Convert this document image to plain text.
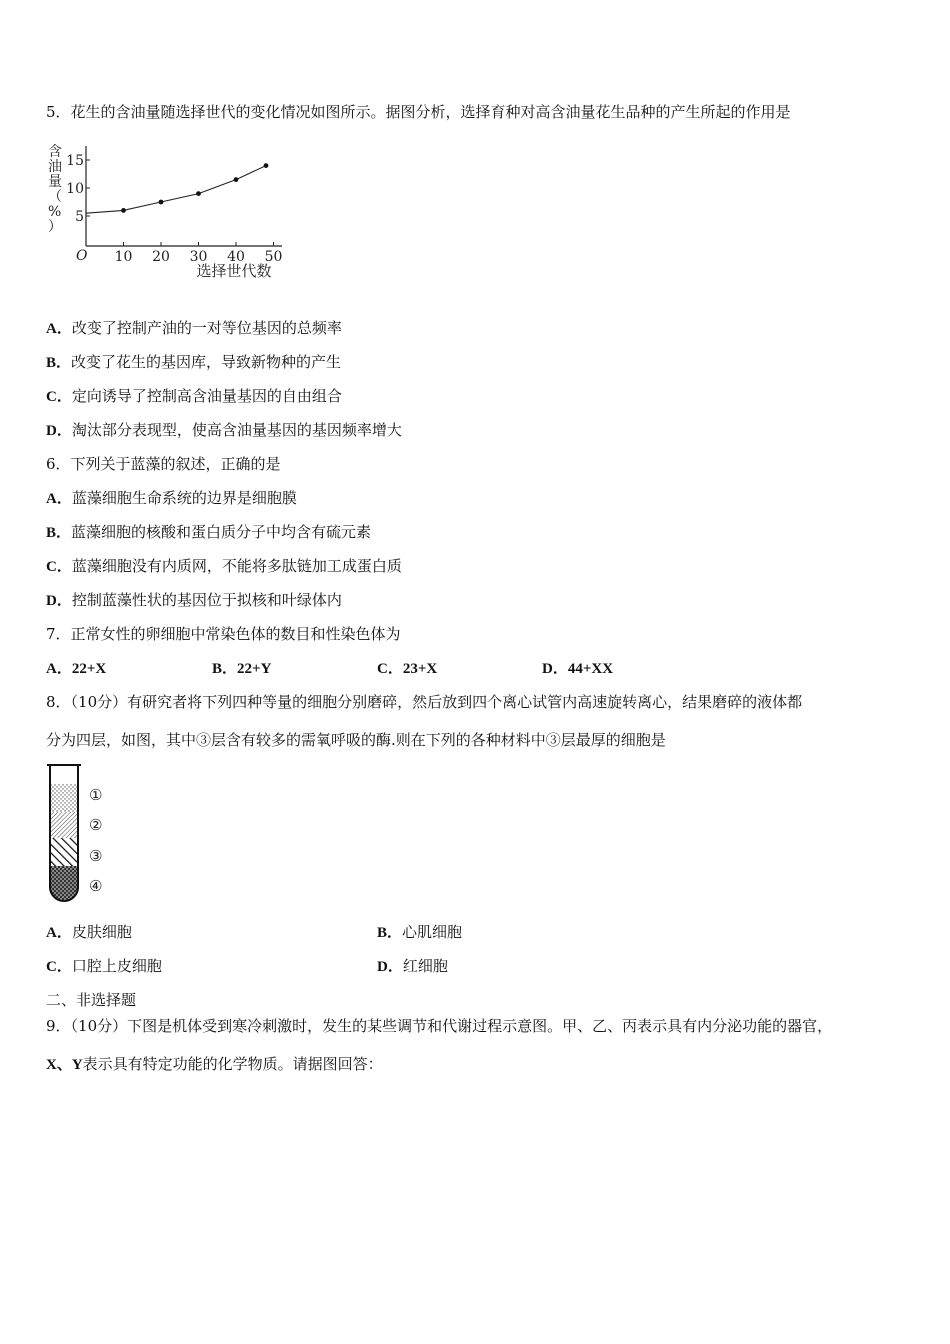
5．花生的含油量随选择世代的变化情况如图所示。据图分析，选择育种对高含油量花生品种的产生所起的作用是
含
油
量
（
%
）
5
10
15
10 20 30 40 50
O
选择世代数
A．改变了控制产油的一对等位基因的总频率
B．改变了花生的基因库，导致新物种的产生
C．定向诱导了控制高含油量基因的自由组合
D．淘汰部分表现型，使高含油量基因的基因频率增大
6．下列关于蓝藻的叙述，正确的是
A．蓝藻细胞生命系统的边界是细胞膜
B．蓝藻细胞的核酸和蛋白质分子中均含有硫元素
C．蓝藻细胞没有内质网，不能将多肽链加工成蛋白质
D．控制蓝藻性状的基因位于拟核和叶绿体内
7．正常女性的卵细胞中常染色体的数目和性染色体为
A．22+X	B．22+Y	C．23+X	D．44+XX
8．（10分）有研究者将下列四种等量的细胞分别磨碎，然后放到四个离心试管内高速旋转离心，结果磨碎的液体都
分为四层，如图，其中③层含有较多的需氧呼吸的酶.则在下列的各种材料中③层最厚的细胞是
①
②
③
④
A．皮肤细胞	B．心肌细胞
C．口腔上皮细胞	D．红细胞
二、非选择题
9．（10分）下图是机体受到寒冷刺激时，发生的某些调节和代谢过程示意图。甲、乙、丙表示具有内分泌功能的器官，
X、Y表示具有特定功能的化学物质。请据图回答：
